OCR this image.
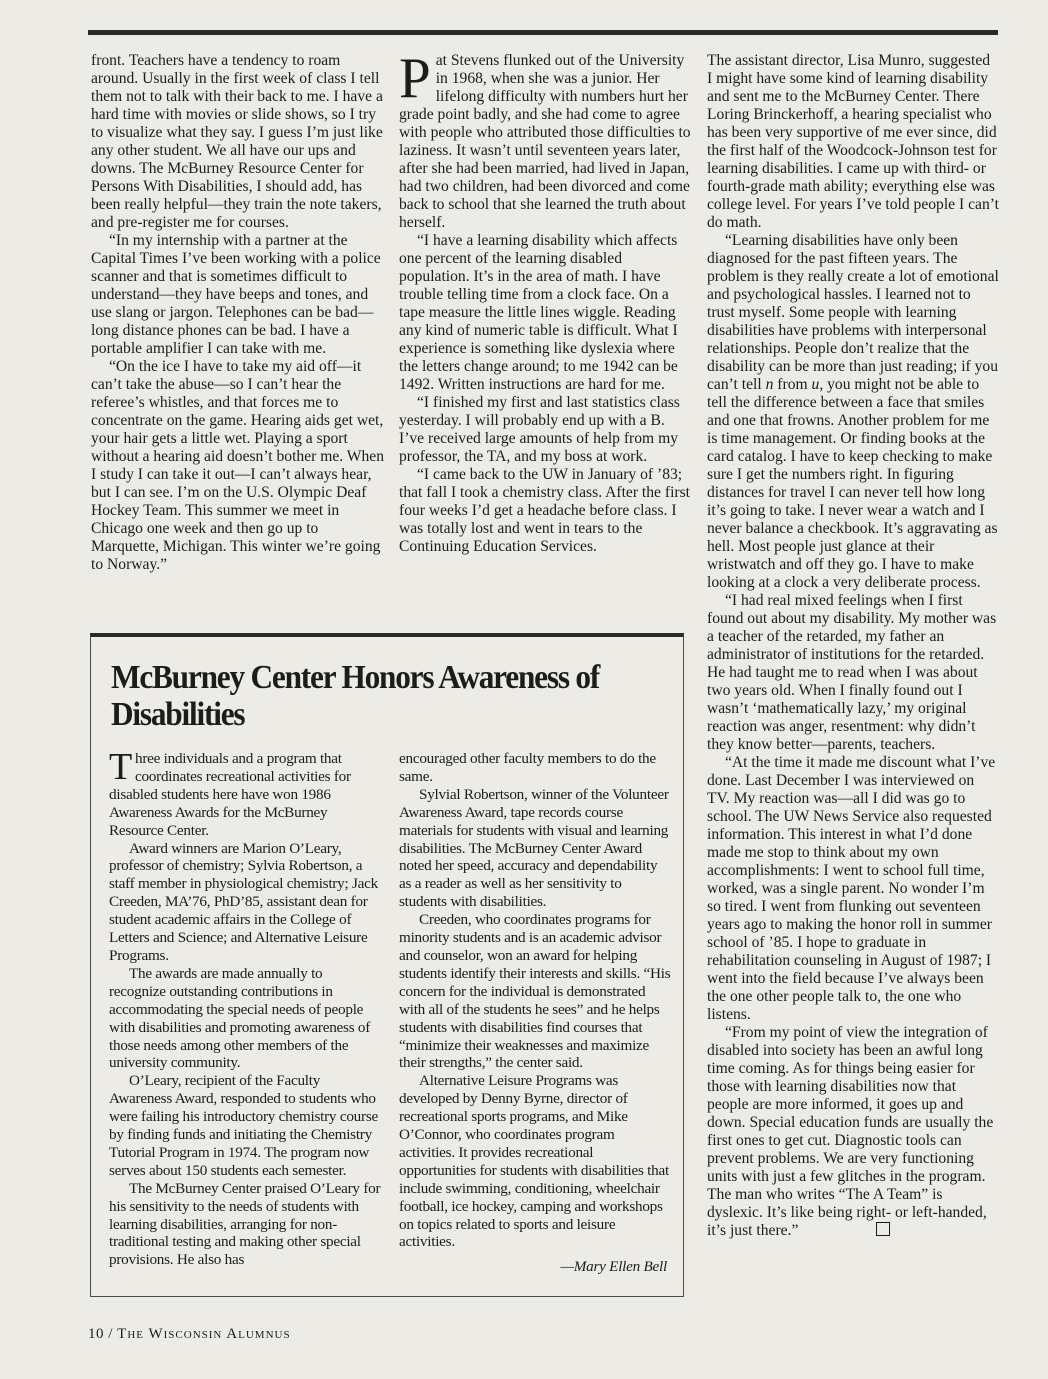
front. Teachers have a tendency to roam around. Usually in the first week of class I tell them not to talk with their back to me. I have a hard time with movies or slide shows, so I try to visualize what they say. I guess I’m just like any other student. We all have our ups and downs. The McBurney Resource Center for Persons With Disabilities, I should add, has been really helpful—they train the note takers, and pre-register me for courses.

“In my internship with a partner at the Capital Times I’ve been working with a police scanner and that is sometimes difficult to understand—they have beeps and tones, and use slang or jargon. Telephones can be bad—long distance phones can be bad. I have a portable amplifier I can take with me.

“On the ice I have to take my aid off—it can’t take the abuse—so I can’t hear the referee’s whistles, and that forces me to concentrate on the game. Hearing aids get wet, your hair gets a little wet. Playing a sport without a hearing aid doesn’t bother me. When I study I can take it out—I can’t always hear, but I can see. I’m on the U.S. Olympic Deaf Hockey Team. This summer we meet in Chicago one week and then go up to Marquette, Michigan. This winter we’re going to Norway.”

Pat Stevens flunked out of the University in 1968, when she was a junior. Her lifelong difficulty with numbers hurt her grade point badly, and she had come to agree with people who attributed those difficulties to laziness. It wasn’t until seventeen years later, after she had been married, had lived in Japan, had two children, had been divorced and come back to school that she learned the truth about herself.

“I have a learning disability which affects one percent of the learning disabled population. It’s in the area of math. I have trouble telling time from a clock face. On a tape measure the little lines wiggle. Reading any kind of numeric table is difficult. What I experience is something like dyslexia where the letters change around; to me 1942 can be 1492. Written instructions are hard for me.

“I finished my first and last statistics class yesterday. I will probably end up with a B. I’ve received large amounts of help from my professor, the TA, and my boss at work.

“I came back to the UW in January of ’83; that fall I took a chemistry class. After the first four weeks I’d get a headache before class. I was totally lost and went in tears to the Continuing Education Services.

The assistant director, Lisa Munro, suggested I might have some kind of learning disability and sent me to the McBurney Center. There Loring Brinckerhoff, a hearing specialist who has been very supportive of me ever since, did the first half of the Woodcock-Johnson test for learning disabilities. I came up with third- or fourth-grade math ability; everything else was college level. For years I’ve told people I can’t do math.

“Learning disabilities have only been diagnosed for the past fifteen years. The problem is they really create a lot of emotional and psychological hassles. I learned not to trust myself. Some people with learning disabilities have problems with interpersonal relationships. People don’t realize that the disability can be more than just reading; if you can’t tell n from u, you might not be able to tell the difference between a face that smiles and one that frowns. Another problem for me is time management. Or finding books at the card catalog. I have to keep checking to make sure I get the numbers right. In figuring distances for travel I can never tell how long it’s going to take. I never wear a watch and I never balance a checkbook. It’s aggravating as hell. Most people just glance at their wristwatch and off they go. I have to make looking at a clock a very deliberate process.

“I had real mixed feelings when I first found out about my disability. My mother was a teacher of the retarded, my father an administrator of institutions for the retarded. He had taught me to read when I was about two years old. When I finally found out I wasn’t ‘mathematically lazy,’ my original reaction was anger, resentment: why didn’t they know better—parents, teachers.

“At the time it made me discount what I’ve done. Last December I was interviewed on TV. My reaction was—all I did was go to school. The UW News Service also requested information. This interest in what I’d done made me stop to think about my own accomplishments: I went to school full time, worked, was a single parent. No wonder I’m so tired. I went from flunking out seventeen years ago to making the honor roll in summer school of ’85. I hope to graduate in rehabilitation counseling in August of 1987; I went into the field because I’ve always been the one other people talk to, the one who listens.

“From my point of view the integration of disabled into society has been an awful long time coming. As for things being easier for those with learning disabilities now that people are more informed, it goes up and down. Special education funds are usually the first ones to get cut. Diagnostic tools can prevent problems. We are very functioning units with just a few glitches in the program. The man who writes “The A Team” is dyslexic. It’s like being right- or left-handed, it’s just there.”

McBurney Center Honors Awareness of Disabilities

Three individuals and a program that coordinates recreational activities for disabled students here have won 1986 Awareness Awards for the McBurney Resource Center.

Award winners are Marion O’Leary, professor of chemistry; Sylvia Robertson, a staff member in physiological chemistry; Jack Creeden, MA’76, PhD’85, assistant dean for student academic affairs in the College of Letters and Science; and Alternative Leisure Programs.

The awards are made annually to recognize outstanding contributions in accommodating the special needs of people with disabilities and promoting awareness of those needs among other members of the university community.

O’Leary, recipient of the Faculty Awareness Award, responded to students who were failing his introductory chemistry course by finding funds and initiating the Chemistry Tutorial Program in 1974. The program now serves about 150 students each semester.

The McBurney Center praised O’Leary for his sensitivity to the needs of students with learning disabilities, arranging for non-traditional testing and making other special provisions. He also has

encouraged other faculty members to do the same.

Sylvial Robertson, winner of the Volunteer Awareness Award, tape records course materials for students with visual and learning disabilities. The McBurney Center Award noted her speed, accuracy and dependability as a reader as well as her sensitivity to students with disabilities.

Creeden, who coordinates programs for minority students and is an academic advisor and counselor, won an award for helping students identify their interests and skills. “His concern for the individual is demonstrated with all of the students he sees” and he helps students with disabilities find courses that “minimize their weaknesses and maximize their strengths,” the center said.

Alternative Leisure Programs was developed by Denny Byrne, director of recreational sports programs, and Mike O’Connor, who coordinates program activities. It provides recreational opportunities for students with disabilities that include swimming, conditioning, wheelchair football, ice hockey, camping and workshops on topics related to sports and leisure activities.

—Mary Ellen Bell

10 / The Wisconsin Alumnus
